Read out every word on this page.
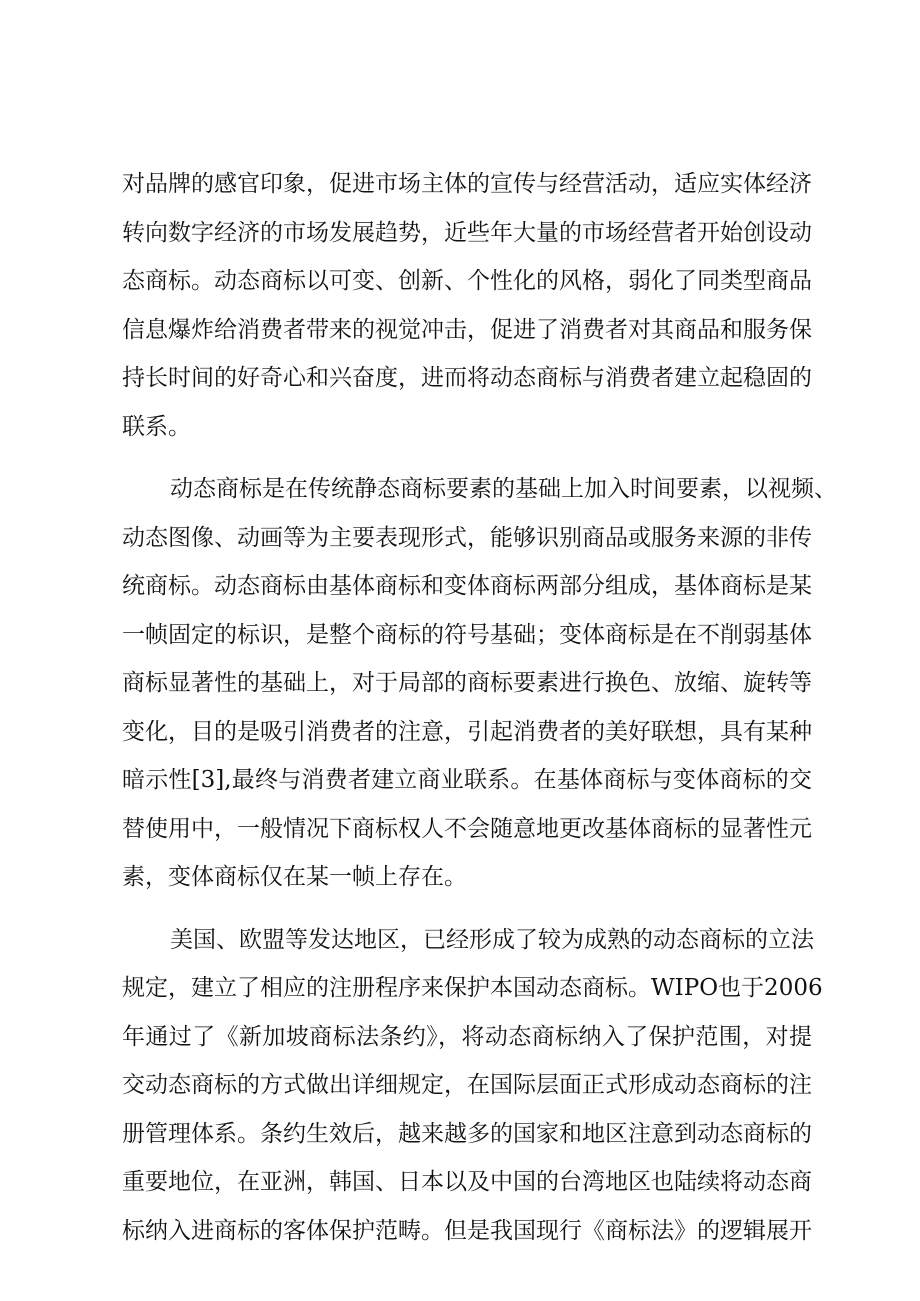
对品牌的感官印象，促进市场主体的宣传与经营活动，适应实体经济
转向数字经济的市场发展趋势，近些年大量的市场经营者开始创设动
态商标。动态商标以可变、创新、个性化的风格，弱化了同类型商品
信息爆炸给消费者带来的视觉冲击，促进了消费者对其商品和服务保
持长时间的好奇心和兴奋度，进而将动态商标与消费者建立起稳固的
联系。
动态商标是在传统静态商标要素的基础上加入时间要素，以视频、
动态图像、动画等为主要表现形式，能够识别商品或服务来源的非传
统商标。动态商标由基体商标和变体商标两部分组成，基体商标是某
一帧固定的标识，是整个商标的符号基础；变体商标是在不削弱基体
商标显著性的基础上，对于局部的商标要素进行换色、放缩、旋转等
变化，目的是吸引消费者的注意，引起消费者的美好联想，具有某种
暗示性[3],最终与消费者建立商业联系。在基体商标与变体商标的交
替使用中，一般情况下商标权人不会随意地更改基体商标的显著性元
素，变体商标仅在某一帧上存在。
美国、欧盟等发达地区，已经形成了较为成熟的动态商标的立法
规定，建立了相应的注册程序来保护本国动态商标。WIPO也于2006
年通过了《新加坡商标法条约》，将动态商标纳入了保护范围，对提
交动态商标的方式做出详细规定，在国际层面正式形成动态商标的注
册管理体系。条约生效后，越来越多的国家和地区注意到动态商标的
重要地位，在亚洲，韩国、日本以及中国的台湾地区也陆续将动态商
标纳入进商标的客体保护范畴。但是我国现行《商标法》的逻辑展开
